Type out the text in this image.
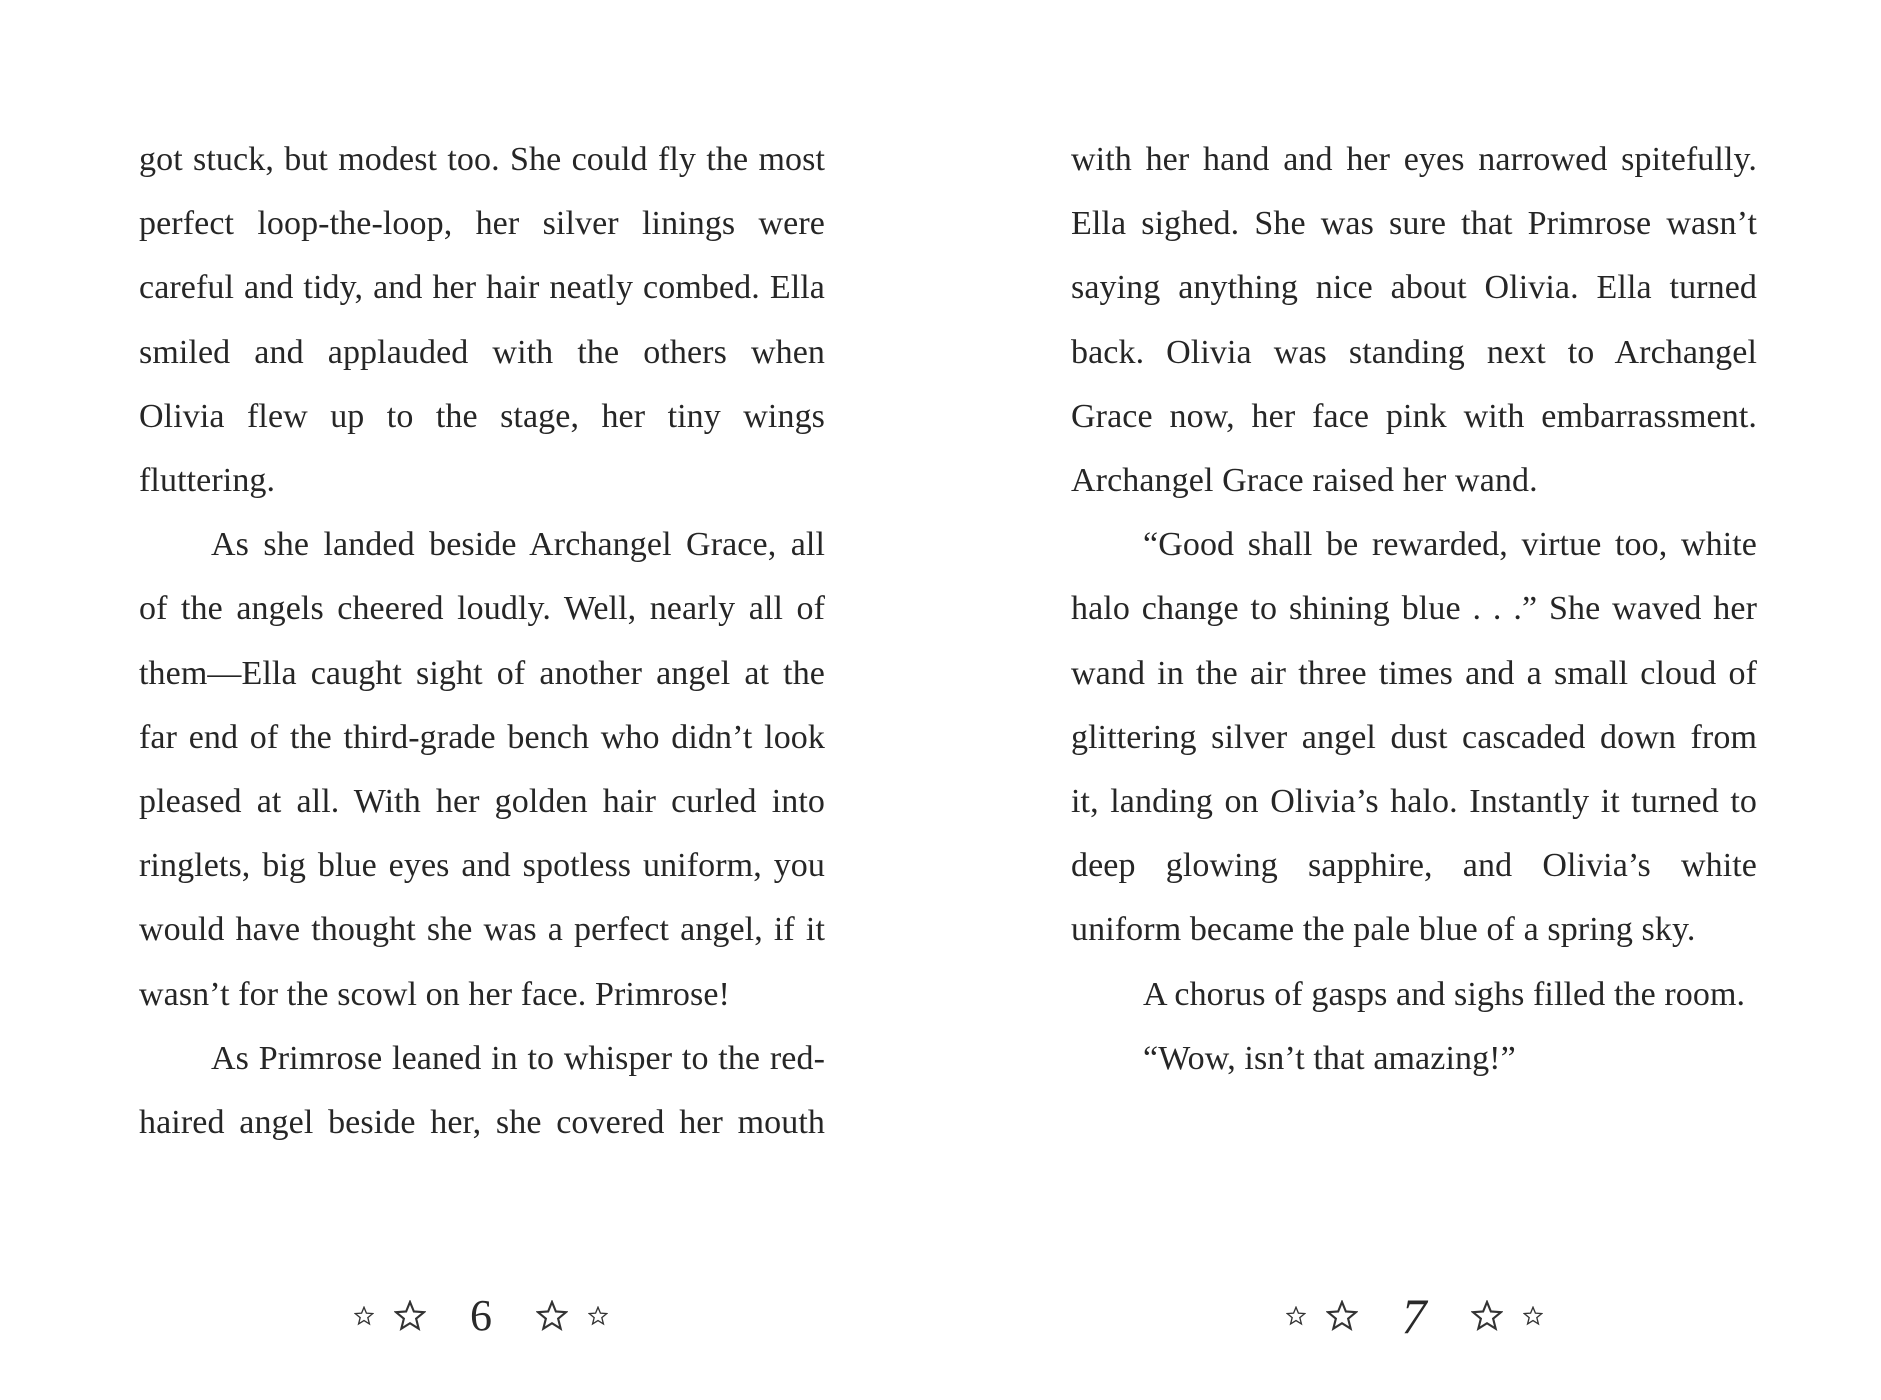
got stuck, but modest too. She could fly the most perfect loop-the-loop, her silver linings were careful and tidy, and her hair neatly combed. Ella smiled and applauded with the others when Olivia flew up to the stage, her tiny wings fluttering.

As she landed beside Archangel Grace, all of the angels cheered loudly. Well, nearly all of them—Ella caught sight of another angel at the far end of the third-grade bench who didn’t look pleased at all. With her golden hair curled into ringlets, big blue eyes and spotless uniform, you would have thought she was a perfect angel, if it wasn’t for the scowl on her face. Primrose!

As Primrose leaned in to whisper to the red-haired angel beside her, she covered her mouth

with her hand and her eyes narrowed spitefully. Ella sighed. She was sure that Primrose wasn’t saying anything nice about Olivia. Ella turned back. Olivia was standing next to Archangel Grace now, her face pink with embarrassment. Archangel Grace raised her wand.

“Good shall be rewarded, virtue too, white halo change to shining blue . . .” She waved her wand in the air three times and a small cloud of glittering silver angel dust cascaded down from it, landing on Olivia’s halo. Instantly it turned to deep glowing sapphire, and Olivia’s white uniform became the pale blue of a spring sky.

A chorus of gasps and sighs filled the room.

“Wow, isn’t that amazing!”

6	7
